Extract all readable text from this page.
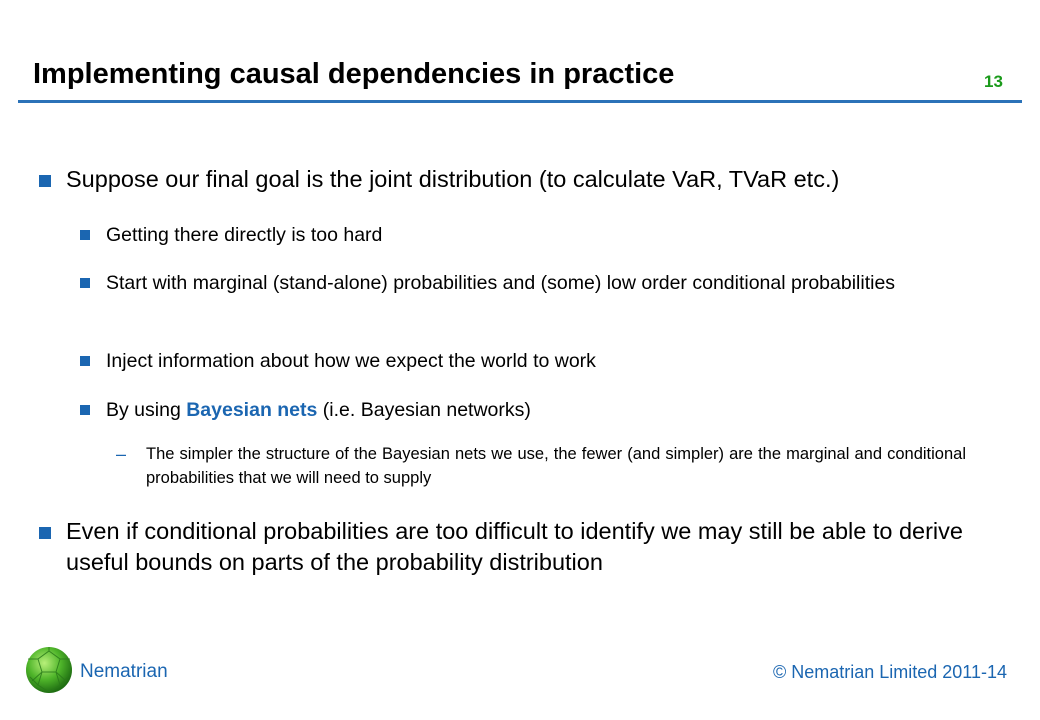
Implementing causal dependencies in practice	13
Suppose our final goal is the joint distribution (to calculate VaR, TVaR etc.)
Getting there directly is too hard
Start with marginal (stand-alone) probabilities and (some) low order conditional probabilities
Inject information about how we expect the world to work
By using Bayesian nets (i.e. Bayesian networks)
– The simpler the structure of the Bayesian nets we use, the fewer (and simpler) are the marginal and conditional probabilities that we will need to supply
Even if conditional probabilities are too difficult to identify we may still be able to derive useful bounds on parts of the probability distribution
Nematrian	© Nematrian Limited 2011-14
